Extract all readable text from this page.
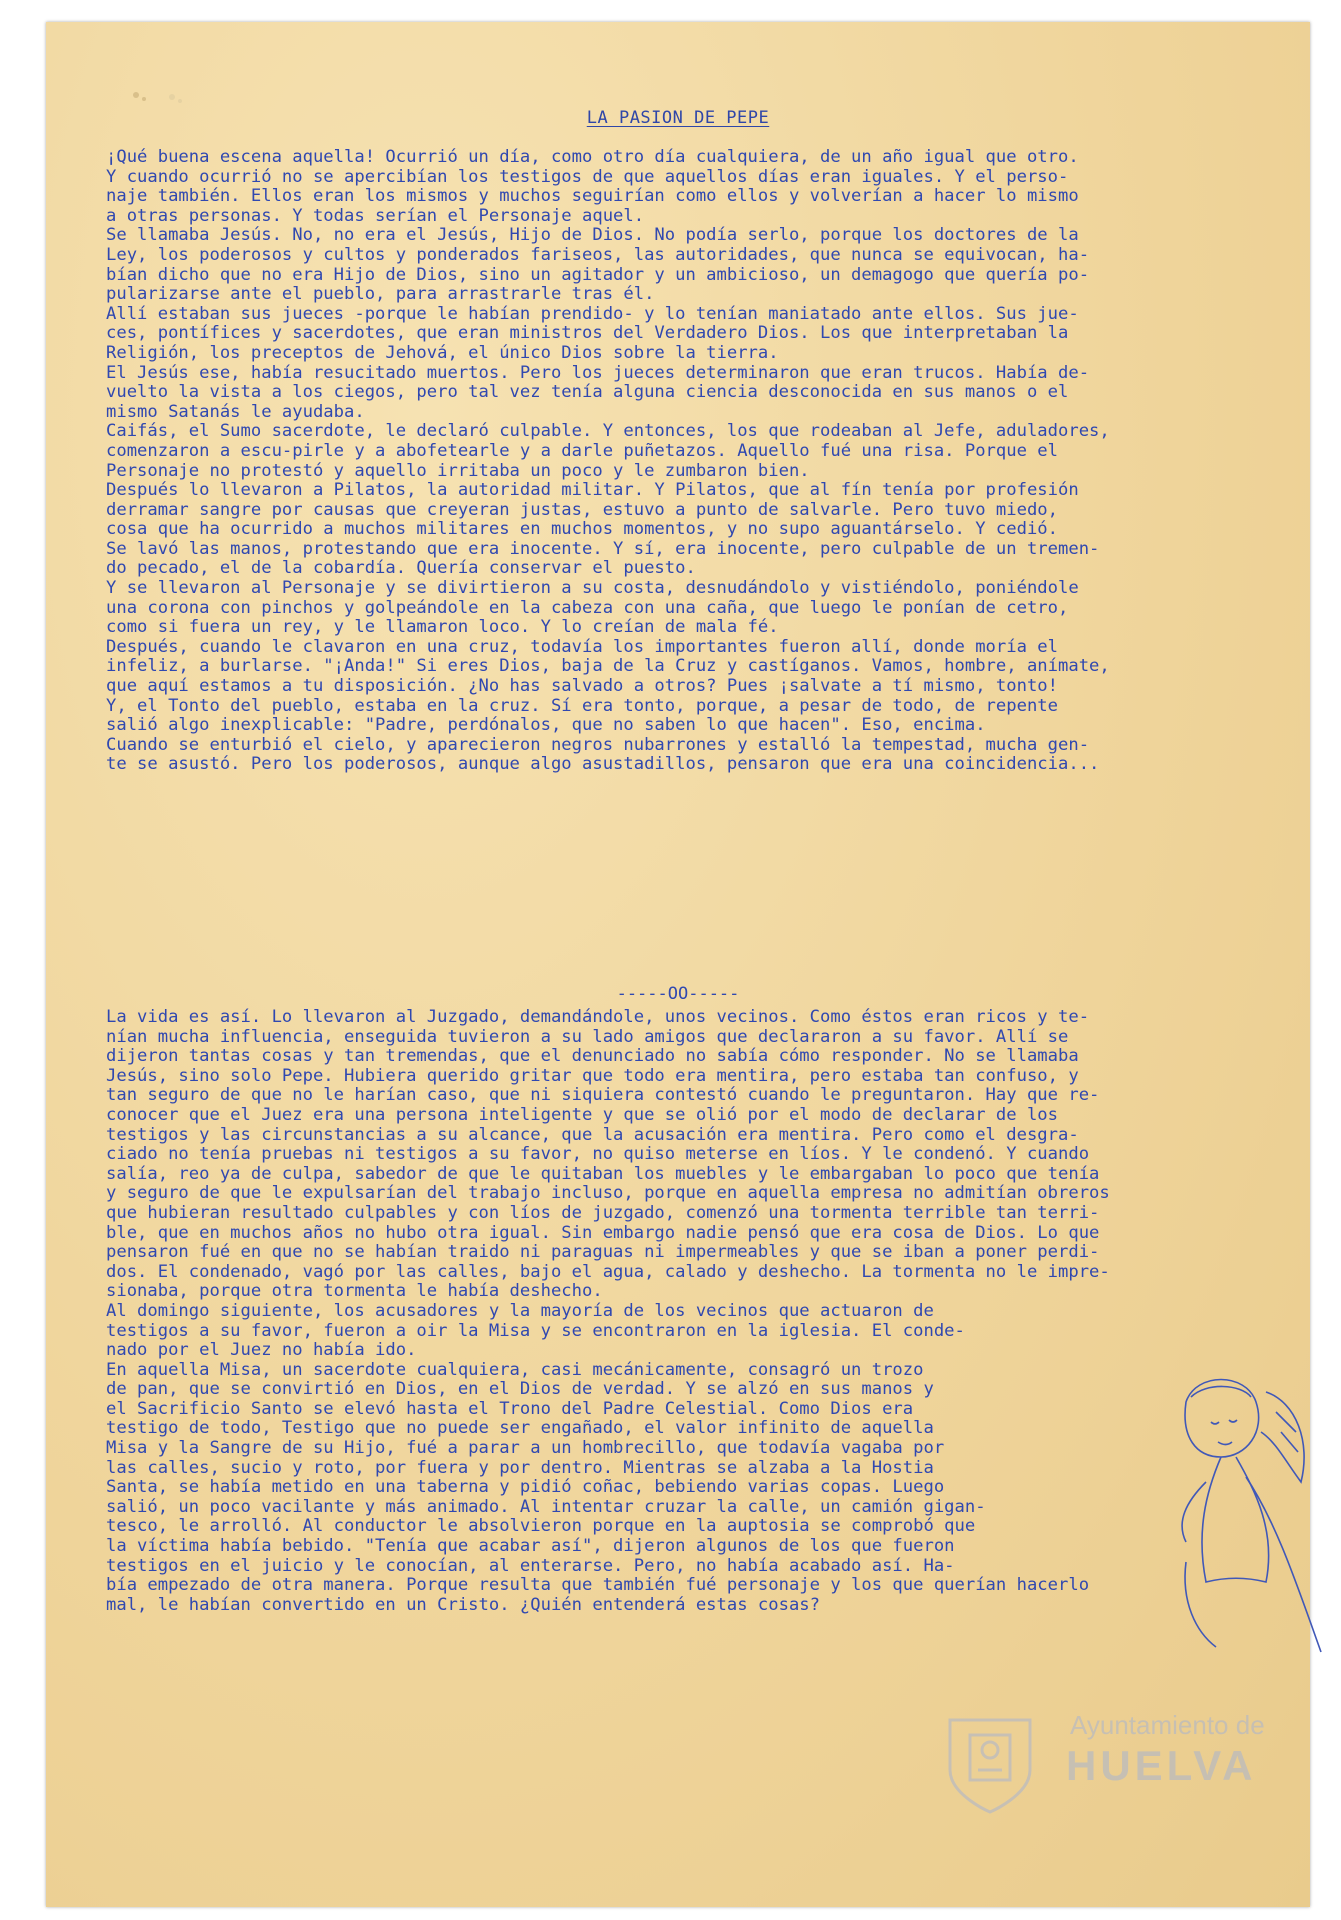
LA PASION DE PEPE

¡Qué buena escena aquella! Ocurrió un día, como otro día cualquiera, de un año igual que otro.

Y cuando ocurrió no se apercibían los testigos de que aquellos días eran iguales. Y el perso-

naje también. Ellos eran los mismos y muchos seguirían como ellos y volverían a hacer lo mismo

a otras personas. Y todas serían el Personaje aquel.

Se llamaba Jesús. No, no era el Jesús, Hijo de Dios. No podía serlo, porque los doctores de la

Ley, los poderosos y cultos y ponderados fariseos, las autoridades, que nunca se equivocan, ha-

bían dicho que no era Hijo de Dios, sino un agitador y un ambicioso, un demagogo que quería po-

pularizarse ante el pueblo, para arrastrarle tras él.

Allí estaban sus jueces -porque le habían prendido- y lo tenían maniatado ante ellos. Sus jue-

ces, pontífices y sacerdotes, que eran ministros del Verdadero Dios. Los que interpretaban la

Religión, los preceptos de Jehová, el único Dios sobre la tierra.

El Jesús ese, había resucitado muertos. Pero los jueces determinaron que eran trucos. Había de-

vuelto la vista a los ciegos, pero tal vez tenía alguna ciencia desconocida en sus manos o el

mismo Satanás le ayudaba.

Caifás, el Sumo sacerdote, le declaró culpable. Y entonces, los que rodeaban al Jefe, aduladores,

comenzaron a escu-pirle y a abofetearle y a darle puñetazos. Aquello fué una risa. Porque el

Personaje no protestó y aquello irritaba un poco y le zumbaron bien.

Después lo llevaron a Pilatos, la autoridad militar. Y Pilatos, que al fín tenía por profesión

derramar sangre por causas que creyeran justas, estuvo a punto de salvarle. Pero tuvo miedo,

cosa que ha ocurrido a muchos militares en muchos momentos, y no supo aguantárselo. Y cedió.

Se lavó las manos, protestando que era inocente. Y sí, era inocente, pero culpable de un tremen-

do pecado, el de la cobardía. Quería conservar el puesto.

Y se llevaron al Personaje y se divirtieron a su costa, desnudándolo y vistiéndolo, poniéndole

una corona con pinchos y golpeándole en la cabeza con una caña, que luego le ponían de cetro,

como si fuera un rey, y le llamaron loco. Y lo creían de mala fé.

Después, cuando le clavaron en una cruz, todavía los importantes fueron allí, donde moría el

infeliz, a burlarse. "¡Anda!" Si eres Dios, baja de la Cruz y castíganos. Vamos, hombre, anímate,

que aquí estamos a tu disposición. ¿No has salvado a otros? Pues ¡salvate a tí mismo, tonto!

Y, el Tonto del pueblo, estaba en la cruz. Sí era tonto, porque, a pesar de todo, de repente

salió algo inexplicable: "Padre, perdónalos, que no saben lo que hacen". Eso, encima.

Cuando se enturbió el cielo, y aparecieron negros nubarrones y estalló la tempestad, mucha gen-

te se asustó. Pero los poderosos, aunque algo asustadillos, pensaron que era una coincidencia...

-----OO-----

La vida es así. Lo llevaron al Juzgado, demandándole, unos vecinos. Como éstos eran ricos y te-

nían mucha influencia, enseguida tuvieron a su lado amigos que declararon a su favor. Allí se

dijeron tantas cosas y tan tremendas, que el denunciado no sabía cómo responder. No se llamaba

Jesús, sino solo Pepe. Hubiera querido gritar que todo era mentira, pero estaba tan confuso, y

tan seguro de que no le harían caso, que ni siquiera contestó cuando le preguntaron. Hay que re-

conocer que el Juez era una persona inteligente y que se olió por el modo de declarar de los

testigos y las circunstancias a su alcance, que la acusación era mentira. Pero como el desgra-

ciado no tenía pruebas ni testigos a su favor, no quiso meterse en líos. Y le condenó. Y cuando

salía, reo ya de culpa, sabedor de que le quitaban los muebles y le embargaban lo poco que tenía

y seguro de que le expulsarían del trabajo incluso, porque en aquella empresa no admitían obreros

que hubieran resultado culpables y con líos de juzgado, comenzó una tormenta terrible tan terri-

ble, que en muchos años no hubo otra igual. Sin embargo nadie pensó que era cosa de Dios. Lo que

pensaron fué en que no se habían traido ni paraguas ni impermeables y que se iban a poner perdi-

dos. El condenado, vagó por las calles, bajo el agua, calado y deshecho. La tormenta no le impre-

sionaba, porque otra tormenta le había deshecho.

Al domingo siguiente, los acusadores y la mayoría de los vecinos que actuaron de

testigos a su favor, fueron a oir la Misa y se encontraron en la iglesia. El conde-

nado por el Juez no había ido.

En aquella Misa, un sacerdote cualquiera, casi mecánicamente, consagró un trozo

de pan, que se convirtió en Dios, en el Dios de verdad. Y se alzó en sus manos y

el Sacrificio Santo se elevó hasta el Trono del Padre Celestial. Como Dios era

testigo de todo, Testigo que no puede ser engañado, el valor infinito de aquella

Misa y la Sangre de su Hijo, fué a parar a un hombrecillo, que todavía vagaba por

las calles, sucio y roto, por fuera y por dentro. Mientras se alzaba a la Hostia

Santa, se había metido en una taberna y pidió coñac, bebiendo varias copas. Luego

salió, un poco vacilante y más animado. Al intentar cruzar la calle, un camión gigan-

tesco, le arrolló. Al conductor le absolvieron porque en la auptosia se comprobó que

la víctima había bebido. "Tenía que acabar así", dijeron algunos de los que fueron

testigos en el juicio y le conocían, al enterarse. Pero, no había acabado así. Ha-

bía empezado de otra manera. Porque resulta que también fué personaje y los que querían hacerlo

mal, le habían convertido en un Cristo. ¿Quién entenderá estas cosas?

Ayuntamiento de
HUELVA
